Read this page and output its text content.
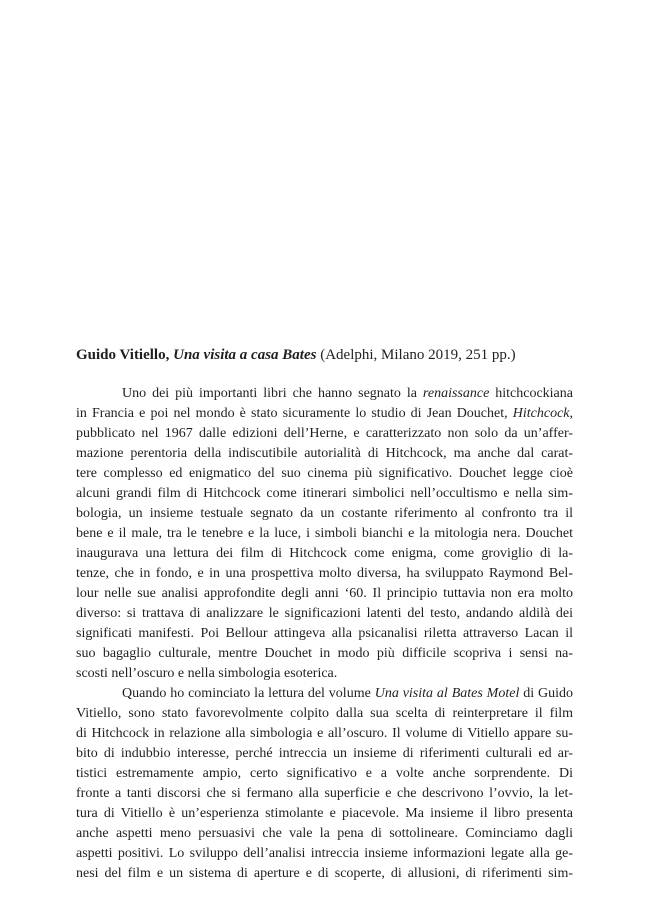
Guido Vitiello, Una visita a casa Bates (Adelphi, Milano 2019, 251 pp.)
Uno dei più importanti libri che hanno segnato la renaissance hitchcockiana
in Francia e poi nel mondo è stato sicuramente lo studio di Jean Douchet, Hitchcock,
pubblicato nel 1967 dalle edizioni dell’Herne, e caratterizzato non solo da un’affer-
mazione perentoria della indiscutibile autorialità di Hitchcock, ma anche dal carat-
tere complesso ed enigmatico del suo cinema più significativo. Douchet legge cioè
alcuni grandi film di Hitchcock come itinerari simbolici nell’occultismo e nella sim-
bologia, un insieme testuale segnato da un costante riferimento al confronto tra il
bene e il male, tra le tenebre e la luce, i simboli bianchi e la mitologia nera. Douchet
inaugurava una lettura dei film di Hitchcock come enigma, come groviglio di la-
tenze, che in fondo, e in una prospettiva molto diversa, ha sviluppato Raymond Bel-
lour nelle sue analisi approfondite degli anni ‘60. Il principio tuttavia non era molto
diverso: si trattava di analizzare le significazioni latenti del testo, andando aldilà dei
significati manifesti. Poi Bellour attingeva alla psicanalisi riletta attraverso Lacan il
suo bagaglio culturale, mentre Douchet in modo più difficile scopriva i sensi na-
scosti nell’oscuro e nella simbologia esoterica.
Quando ho cominciato la lettura del volume Una visita al Bates Motel di Guido
Vitiello, sono stato favorevolmente colpito dalla sua scelta di reinterpretare il film
di Hitchcock in relazione alla simbologia e all’oscuro. Il volume di Vitiello appare su-
bito di indubbio interesse, perché intreccia un insieme di riferimenti culturali ed ar-
tistici estremamente ampio, certo significativo e a volte anche sorprendente. Di
fronte a tanti discorsi che si fermano alla superficie e che descrivono l’ovvio, la let-
tura di Vitiello è un’esperienza stimolante e piacevole. Ma insieme il libro presenta
anche aspetti meno persuasivi che vale la pena di sottolineare. Cominciamo dagli
aspetti positivi. Lo sviluppo dell’analisi intreccia insieme informazioni legate alla ge-
nesi del film e un sistema di aperture e di scoperte, di allusioni, di riferimenti sim-
